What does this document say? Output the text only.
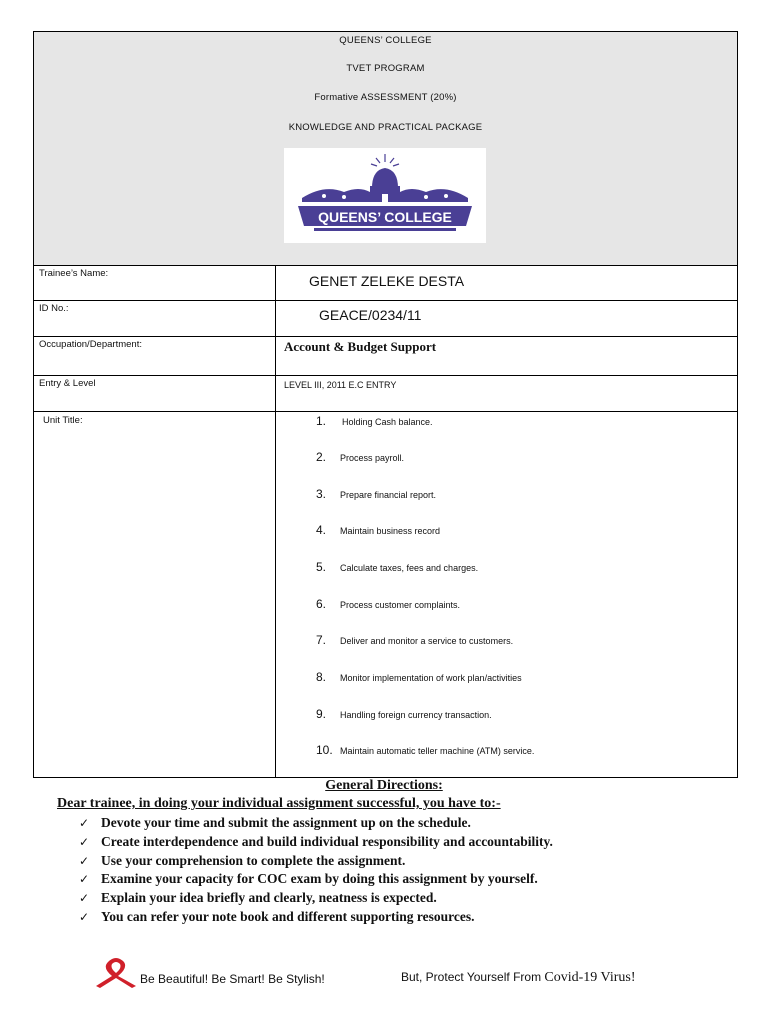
QUEENS’ COLLEGE
TVET PROGRAM
Formative ASSESSMENT (20%)
KNOWLEDGE AND PRACTICAL PACKAGE
QUEENS’ COLLEGE
Trainee’s Name:	GENET ZELEKE DESTA
ID No.:	GEACE/0234/11
Occupation/Department:	Account & Budget Support
Entry & Level	LEVEL III, 2011 E.C ENTRY
Unit Title:	1.	Holding Cash balance.
2.	Process payroll.
3.	Prepare financial report.
4.	Maintain business record
5.	Calculate taxes, fees and charges.
6.	Process customer complaints.
7.	Deliver and monitor a service to customers.
8.	Monitor implementation of work plan/activities
9.	Handling foreign currency transaction.
10. Maintain automatic teller machine (ATM) service.
General Directions:
Dear trainee, in doing your individual assignment successful, you have to:-
✓ Devote your time and submit the assignment up on the schedule.
✓ Create interdependence and build individual responsibility and accountability.
✓ Use your comprehension to complete the assignment.
✓ Examine your capacity for COC exam by doing this assignment by yourself.
✓ Explain your idea briefly and clearly, neatness is expected.
✓ You can refer your note book and different supporting resources.
Be Beautiful! Be Smart! Be Stylish!	But, Protect Yourself From Covid-19 Virus!
